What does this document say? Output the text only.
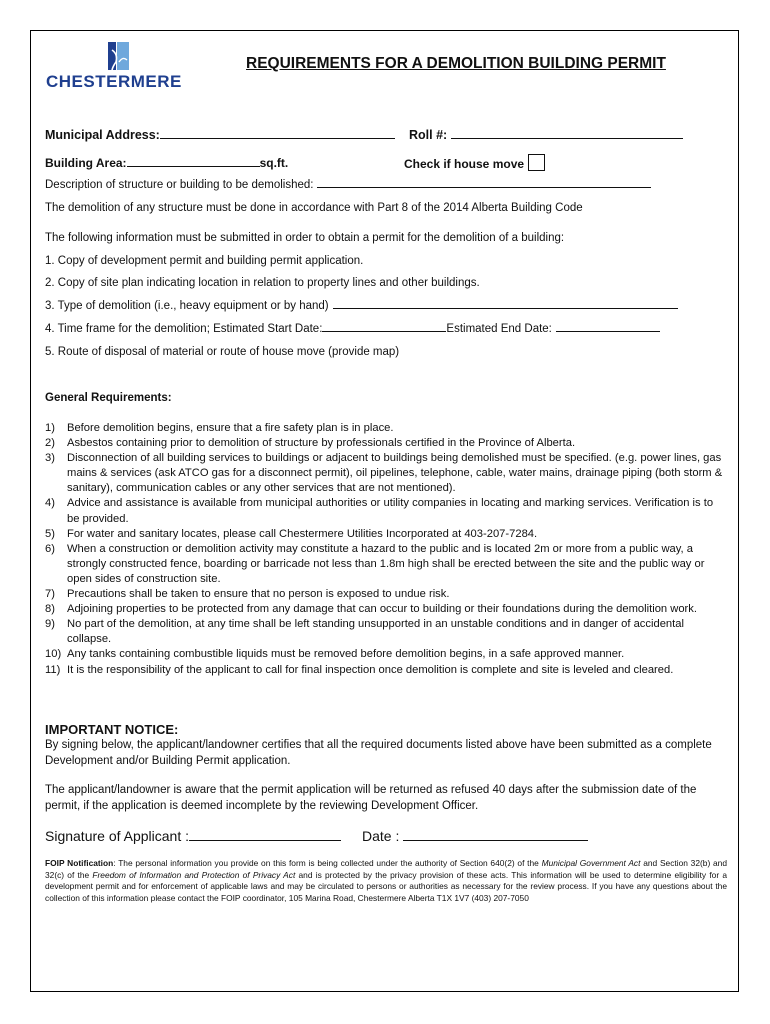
CHESTERMERE
REQUIREMENTS FOR A DEMOLITION BUILDING PERMIT
Municipal Address:	Roll #:
Building Area:	sq.ft.	Check if house move
Description of structure or building to be demolished:
The demolition of any structure must be done in accordance with Part 8 of the 2014 Alberta Building Code
The following information must be submitted in order to obtain a permit for the demolition of a building:
1. Copy of development permit and building permit application.
2. Copy of site plan indicating location in relation to property lines and other buildings.
3. Type of demolition (i.e., heavy equipment or by hand)
4. Time frame for the demolition; Estimated Start Date:	Estimated End Date:
5. Route of disposal of material or route of house move (provide map)
General Requirements:
1) Before demolition begins, ensure that a fire safety plan is in place.
2) Asbestos containing prior to demolition of structure by professionals certified in the Province of Alberta.
3) Disconnection of all building services to buildings or adjacent to buildings being demolished must be specified. (e.g. power lines, gas mains & services (ask ATCO gas for a disconnect permit), oil pipelines, telephone, cable, water mains, drainage piping (both storm & sanitary), communication cables or any other services that are not mentioned).
4) Advice and assistance is available from municipal authorities or utility companies in locating and marking services. Verification is to be provided.
5) For water and sanitary locates, please call Chestermere Utilities Incorporated at 403-207-7284.
6) When a construction or demolition activity may constitute a hazard to the public and is located 2m or more from a public way, a strongly constructed fence, boarding or barricade not less than 1.8m high shall be erected between the site and the public way or open sides of construction site.
7) Precautions shall be taken to ensure that no person is exposed to undue risk.
8) Adjoining properties to be protected from any damage that can occur to building or their foundations during the demolition work.
9) No part of the demolition, at any time shall be left standing unsupported in an unstable conditions and in danger of accidental collapse.
10) Any tanks containing combustible liquids must be removed before demolition begins, in a safe approved manner.
11) It is the responsibility of the applicant to call for final inspection once demolition is complete and site is leveled and cleared.
IMPORTANT NOTICE:
By signing below, the applicant/landowner certifies that all the required documents listed above have been submitted as a complete Development and/or Building Permit application.
The applicant/landowner is aware that the permit application will be returned as refused 40 days after the submission date of the permit, if the application is deemed incomplete by the reviewing Development Officer.
Signature of Applicant :	Date :
FOIP Notification: The personal information you provide on this form is being collected under the authority of Section 640(2) of the Municipal Government Act and Section 32(b) and 32(c) of the Freedom of Information and Protection of Privacy Act and is protected by the privacy provision of these acts. This information will be used to determine eligibility for a development permit and for enforcement of applicable laws and may be circulated to persons or authorities as necessary for the review process. If you have any questions about the collection of this information please contact the FOIP coordinator, 105 Marina Road, Chestermere Alberta T1X 1V7 (403) 207-7050
